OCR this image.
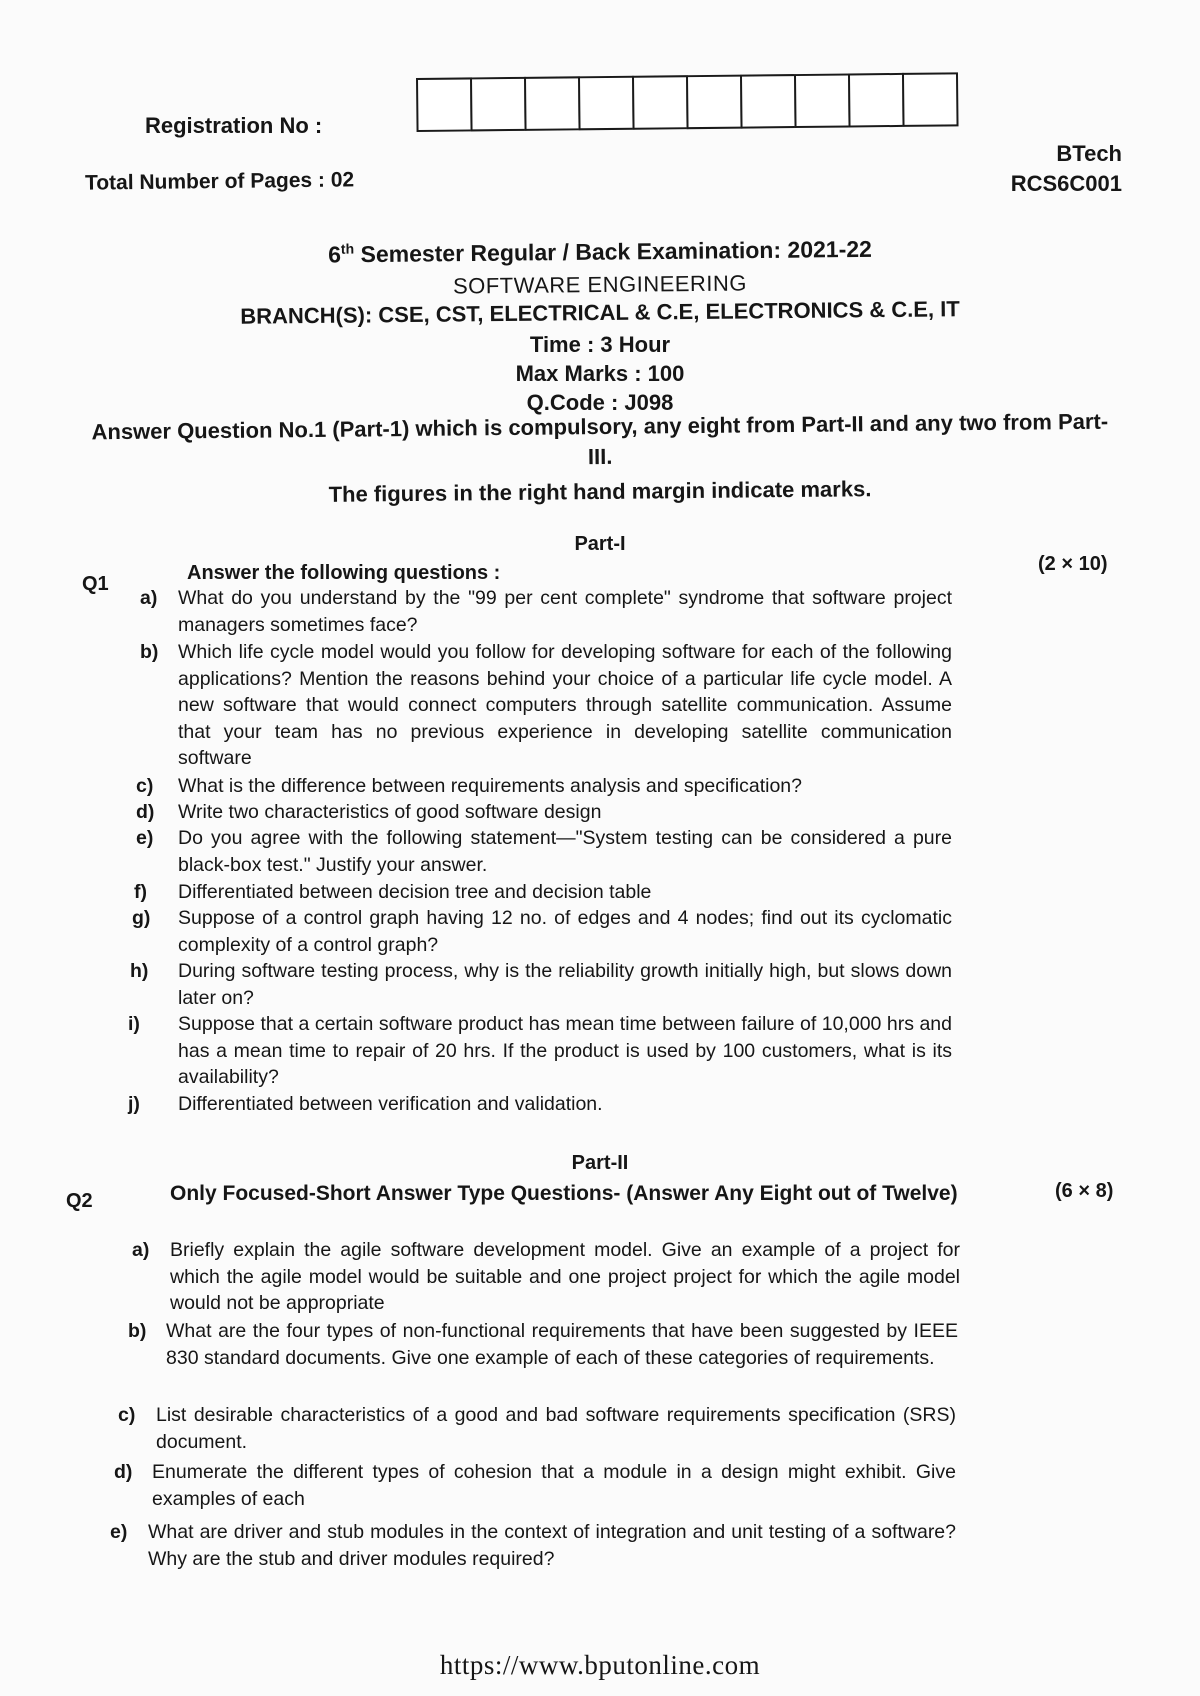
Registration No :
Total Number of Pages : 02
BTech
RCS6C001
6th Semester Regular / Back Examination: 2021-22
SOFTWARE ENGINEERING
BRANCH(S): CSE, CST, ELECTRICAL & C.E, ELECTRONICS & C.E, IT
Time : 3 Hour
Max Marks : 100
Q.Code : J098
Answer Question No.1 (Part-1) which is compulsory, any eight from Part-II and any two from Part-III.
The figures in the right hand margin indicate marks.
Part-I
Q1	Answer the following questions :	(2 × 10)
a) What do you understand by the "99 per cent complete" syndrome that software project managers sometimes face?
b) Which life cycle model would you follow for developing software for each of the following applications? Mention the reasons behind your choice of a particular life cycle model. A new software that would connect computers through satellite communication. Assume that your team has no previous experience in developing satellite communication software
c) What is the difference between requirements analysis and specification?
d) Write two characteristics of good software design
e) Do you agree with the following statement—"System testing can be considered a pure black-box test." Justify your answer.
f) Differentiated between decision tree and decision table
g) Suppose of a control graph having 12 no. of edges and 4 nodes; find out its cyclomatic complexity of a control graph?
h) During software testing process, why is the reliability growth initially high, but slows down later on?
i) Suppose that a certain software product has mean time between failure of 10,000 hrs and has a mean time to repair of 20 hrs. If the product is used by 100 customers, what is its availability?
j) Differentiated between verification and validation.
Part-II
Q2	Only Focused-Short Answer Type Questions- (Answer Any Eight out of Twelve)	(6 × 8)
a) Briefly explain the agile software development model. Give an example of a project for which the agile model would be suitable and one project project for which the agile model would not be appropriate
b) What are the four types of non-functional requirements that have been suggested by IEEE 830 standard documents. Give one example of each of these categories of requirements.
c) List desirable characteristics of a good and bad software requirements specification (SRS) document.
d) Enumerate the different types of cohesion that a module in a design might exhibit. Give examples of each
e) What are driver and stub modules in the context of integration and unit testing of a software? Why are the stub and driver modules required?
https://www.bputonline.com
